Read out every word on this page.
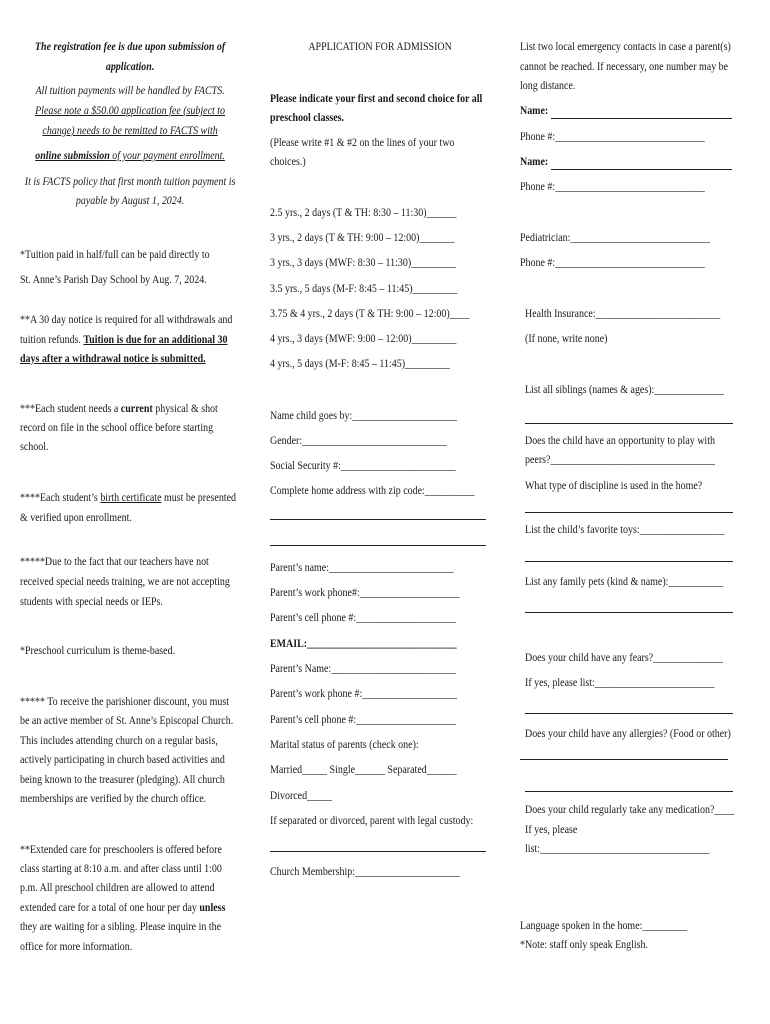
The registration fee is due upon submission of
application.
All tuition payments will be handled by FACTS.
Please note a $50.00 application fee (subject to
change) needs to be remitted to FACTS with
online submission of your payment enrollment.
It is FACTS policy that first month tuition payment is
payable by August 1, 2024.
*Tuition paid in half/full can be paid directly to
St. Anne’s Parish Day School by Aug. 7, 2024.
**A 30 day notice is required for all withdrawals and
tuition refunds. Tuition is due for an additional 30
days after a withdrawal notice is submitted.
***Each student needs a current physical & shot
record on file in the school office before starting
school.
****Each student’s birth certificate must be presented
& verified upon enrollment.
*****Due to the fact that our teachers have not
received special needs training, we are not accepting
students with special needs or IEPs.
*Preschool curriculum is theme-based.
***** To receive the parishioner discount, you must
be an active member of St. Anne’s Episcopal Church.
This includes attending church on a regular basis,
actively participating in church based activities and
being known to the treasurer (pledging). All church
memberships are verified by the church office.
**Extended care for preschoolers is offered before
class starting at 8:10 a.m. and after class until 1:00
p.m. All preschool children are allowed to attend
extended care for a total of one hour per day unless
they are waiting for a sibling. Please inquire in the
office for more information.
APPLICATION FOR ADMISSION
Please indicate your first and second choice for all
preschool classes.
(Please write #1 & #2 on the lines of your two
choices.)
2.5 yrs., 2 days (T & TH: 8:30 – 11:30)______
3 yrs., 2 days (T & TH: 9:00 – 12:00)_______
3 yrs., 3 days (MWF: 8:30 – 11:30)_________
3.5 yrs., 5 days (M-F: 8:45 – 11:45)_________
3.75 & 4 yrs., 2 days (T & TH: 9:00 – 12:00)____
4 yrs., 3 days (MWF: 9:00 – 12:00)_________
4 yrs., 5 days (M-F: 8:45 – 11:45)_________
Name child goes by:_____________________
Gender:_____________________________
Social Security #:_______________________
Complete home address with zip code:__________
Parent’s name:_________________________
Parent’s work phone#:____________________
Parent’s cell phone #:____________________
EMAIL:______________________________
Parent’s Name:_________________________
Parent’s work phone #:___________________
Parent’s cell phone #:____________________
Marital status of parents (check one):
Married_____ Single______ Separated______
Divorced_____
If separated or divorced, parent with legal custody:
Church Membership:_____________________
List two local emergency contacts in case a parent(s)
cannot be reached. If necessary, one number may be
long distance.
Name:
Phone #:______________________________
Name:
Phone #:______________________________
Pediatrician:____________________________
Phone #:______________________________
Health Insurance:_________________________
(If none, write none)
List all siblings (names & ages):______________
Does the child have an opportunity to play with
peers?_________________________________
What type of discipline is used in the home?
List the child’s favorite toys:_________________
List any family pets (kind & name):___________
Does your child have any fears?______________
If yes, please list:________________________
Does your child have any allergies? (Food or other)
Does your child regularly take any medication?____
If yes, please
list:__________________________________
Language spoken in the home:_________
*Note: staff only speak English.
